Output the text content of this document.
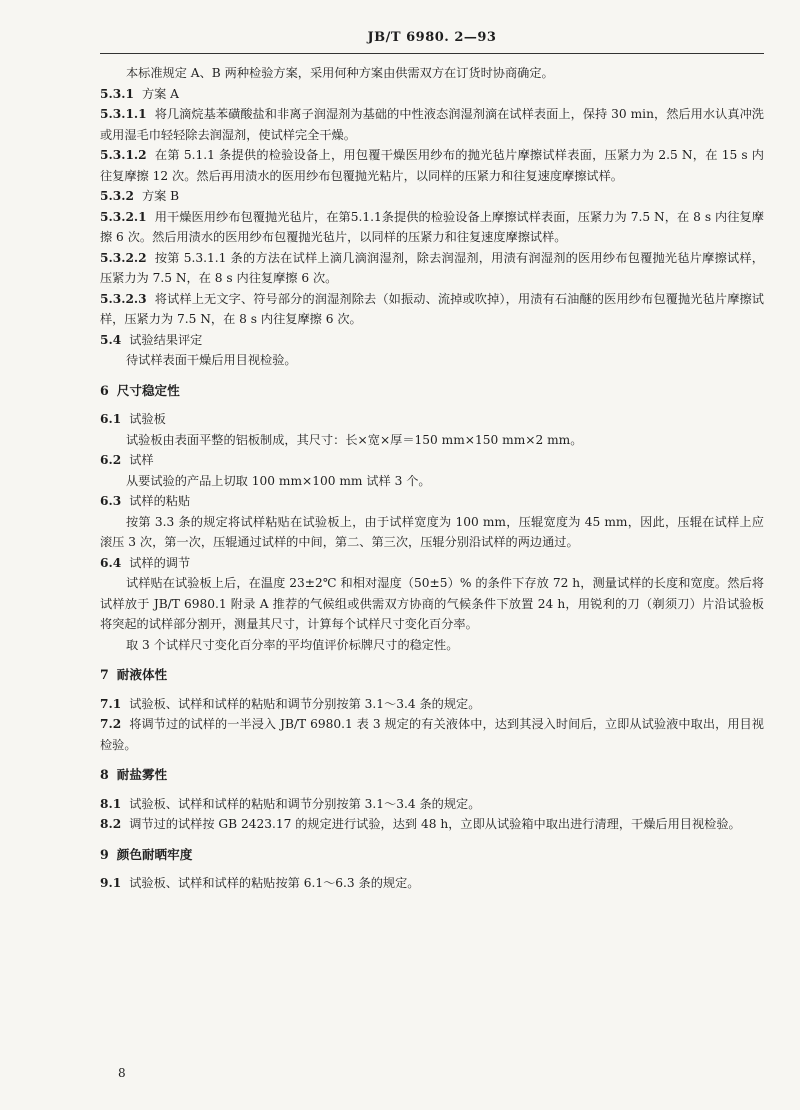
JB/T 6980. 2—93

本标准规定 A、B 两种检验方案，采用何种方案由供需双方在订货时协商确定。

5.3.1 方案 A

5.3.1.1 将几滴烷基苯磺酸盐和非离子润湿剂为基础的中性液态润湿剂滴在试样表面上，保持 30 min，然后用水认真冲洗或用湿毛巾轻轻除去润湿剂，使试样完全干燥。

5.3.1.2 在第 5.1.1 条提供的检验设备上，用包覆干燥医用纱布的抛光毡片摩擦试样表面，压紧力为 2.5 N，在 15 s 内往复摩擦 12 次。然后再用渍水的医用纱布包覆抛光粘片，以同样的压紧力和往复速度摩擦试样。

5.3.2 方案 B

5.3.2.1 用干燥医用纱布包覆抛光毡片，在第5.1.1条提供的检验设备上摩擦试样表面，压紧力为 7.5 N，在 8 s 内往复摩擦 6 次。然后用渍水的医用纱布包覆抛光毡片，以同样的压紧力和往复速度摩擦试样。

5.3.2.2 按第 5.3.1.1 条的方法在试样上滴几滴润湿剂，除去润湿剂，用渍有润湿剂的医用纱布包覆抛光毡片摩擦试样，压紧力为 7.5 N，在 8 s 内往复摩擦 6 次。

5.3.2.3 将试样上无文字、符号部分的润湿剂除去（如振动、流掉或吹掉），用渍有石油醚的医用纱布包覆抛光毡片摩擦试样，压紧力为 7.5 N，在 8 s 内往复摩擦 6 次。

5.4 试验结果评定

待试样表面干燥后用目视检验。

6 尺寸稳定性

6.1 试验板

试验板由表面平整的铝板制成，其尺寸：长×宽×厚＝150 mm×150 mm×2 mm。

6.2 试样

从要试验的产品上切取 100 mm×100 mm 试样 3 个。

6.3 试样的粘贴

按第 3.3 条的规定将试样粘贴在试验板上，由于试样宽度为 100 mm，压辊宽度为 45 mm，因此，压辊在试样上应滚压 3 次，第一次，压辊通过试样的中间，第二、第三次，压辊分别沿试样的两边通过。

6.4 试样的调节

试样贴在试验板上后，在温度 23±2℃ 和相对湿度（50±5）% 的条件下存放 72 h，测量试样的长度和宽度。然后将试样放于 JB/T 6980.1 附录 A 推荐的气候组或供需双方协商的气候条件下放置 24 h，用锐利的刀（剃须刀）片沿试验板将突起的试样部分割开，测量其尺寸，计算每个试样尺寸变化百分率。

取 3 个试样尺寸变化百分率的平均值评价标牌尺寸的稳定性。

7 耐液体性

7.1 试验板、试样和试样的粘贴和调节分别按第 3.1～3.4 条的规定。

7.2 将调节过的试样的一半浸入 JB/T 6980.1 表 3 规定的有关液体中，达到其浸入时间后，立即从试验液中取出，用目视检验。

8 耐盐雾性

8.1 试验板、试样和试样的粘贴和调节分别按第 3.1～3.4 条的规定。

8.2 调节过的试样按 GB 2423.17 的规定进行试验，达到 48 h，立即从试验箱中取出进行清理，干燥后用目视检验。

9 颜色耐晒牢度

9.1 试验板、试样和试样的粘贴按第 6.1～6.3 条的规定。

8
